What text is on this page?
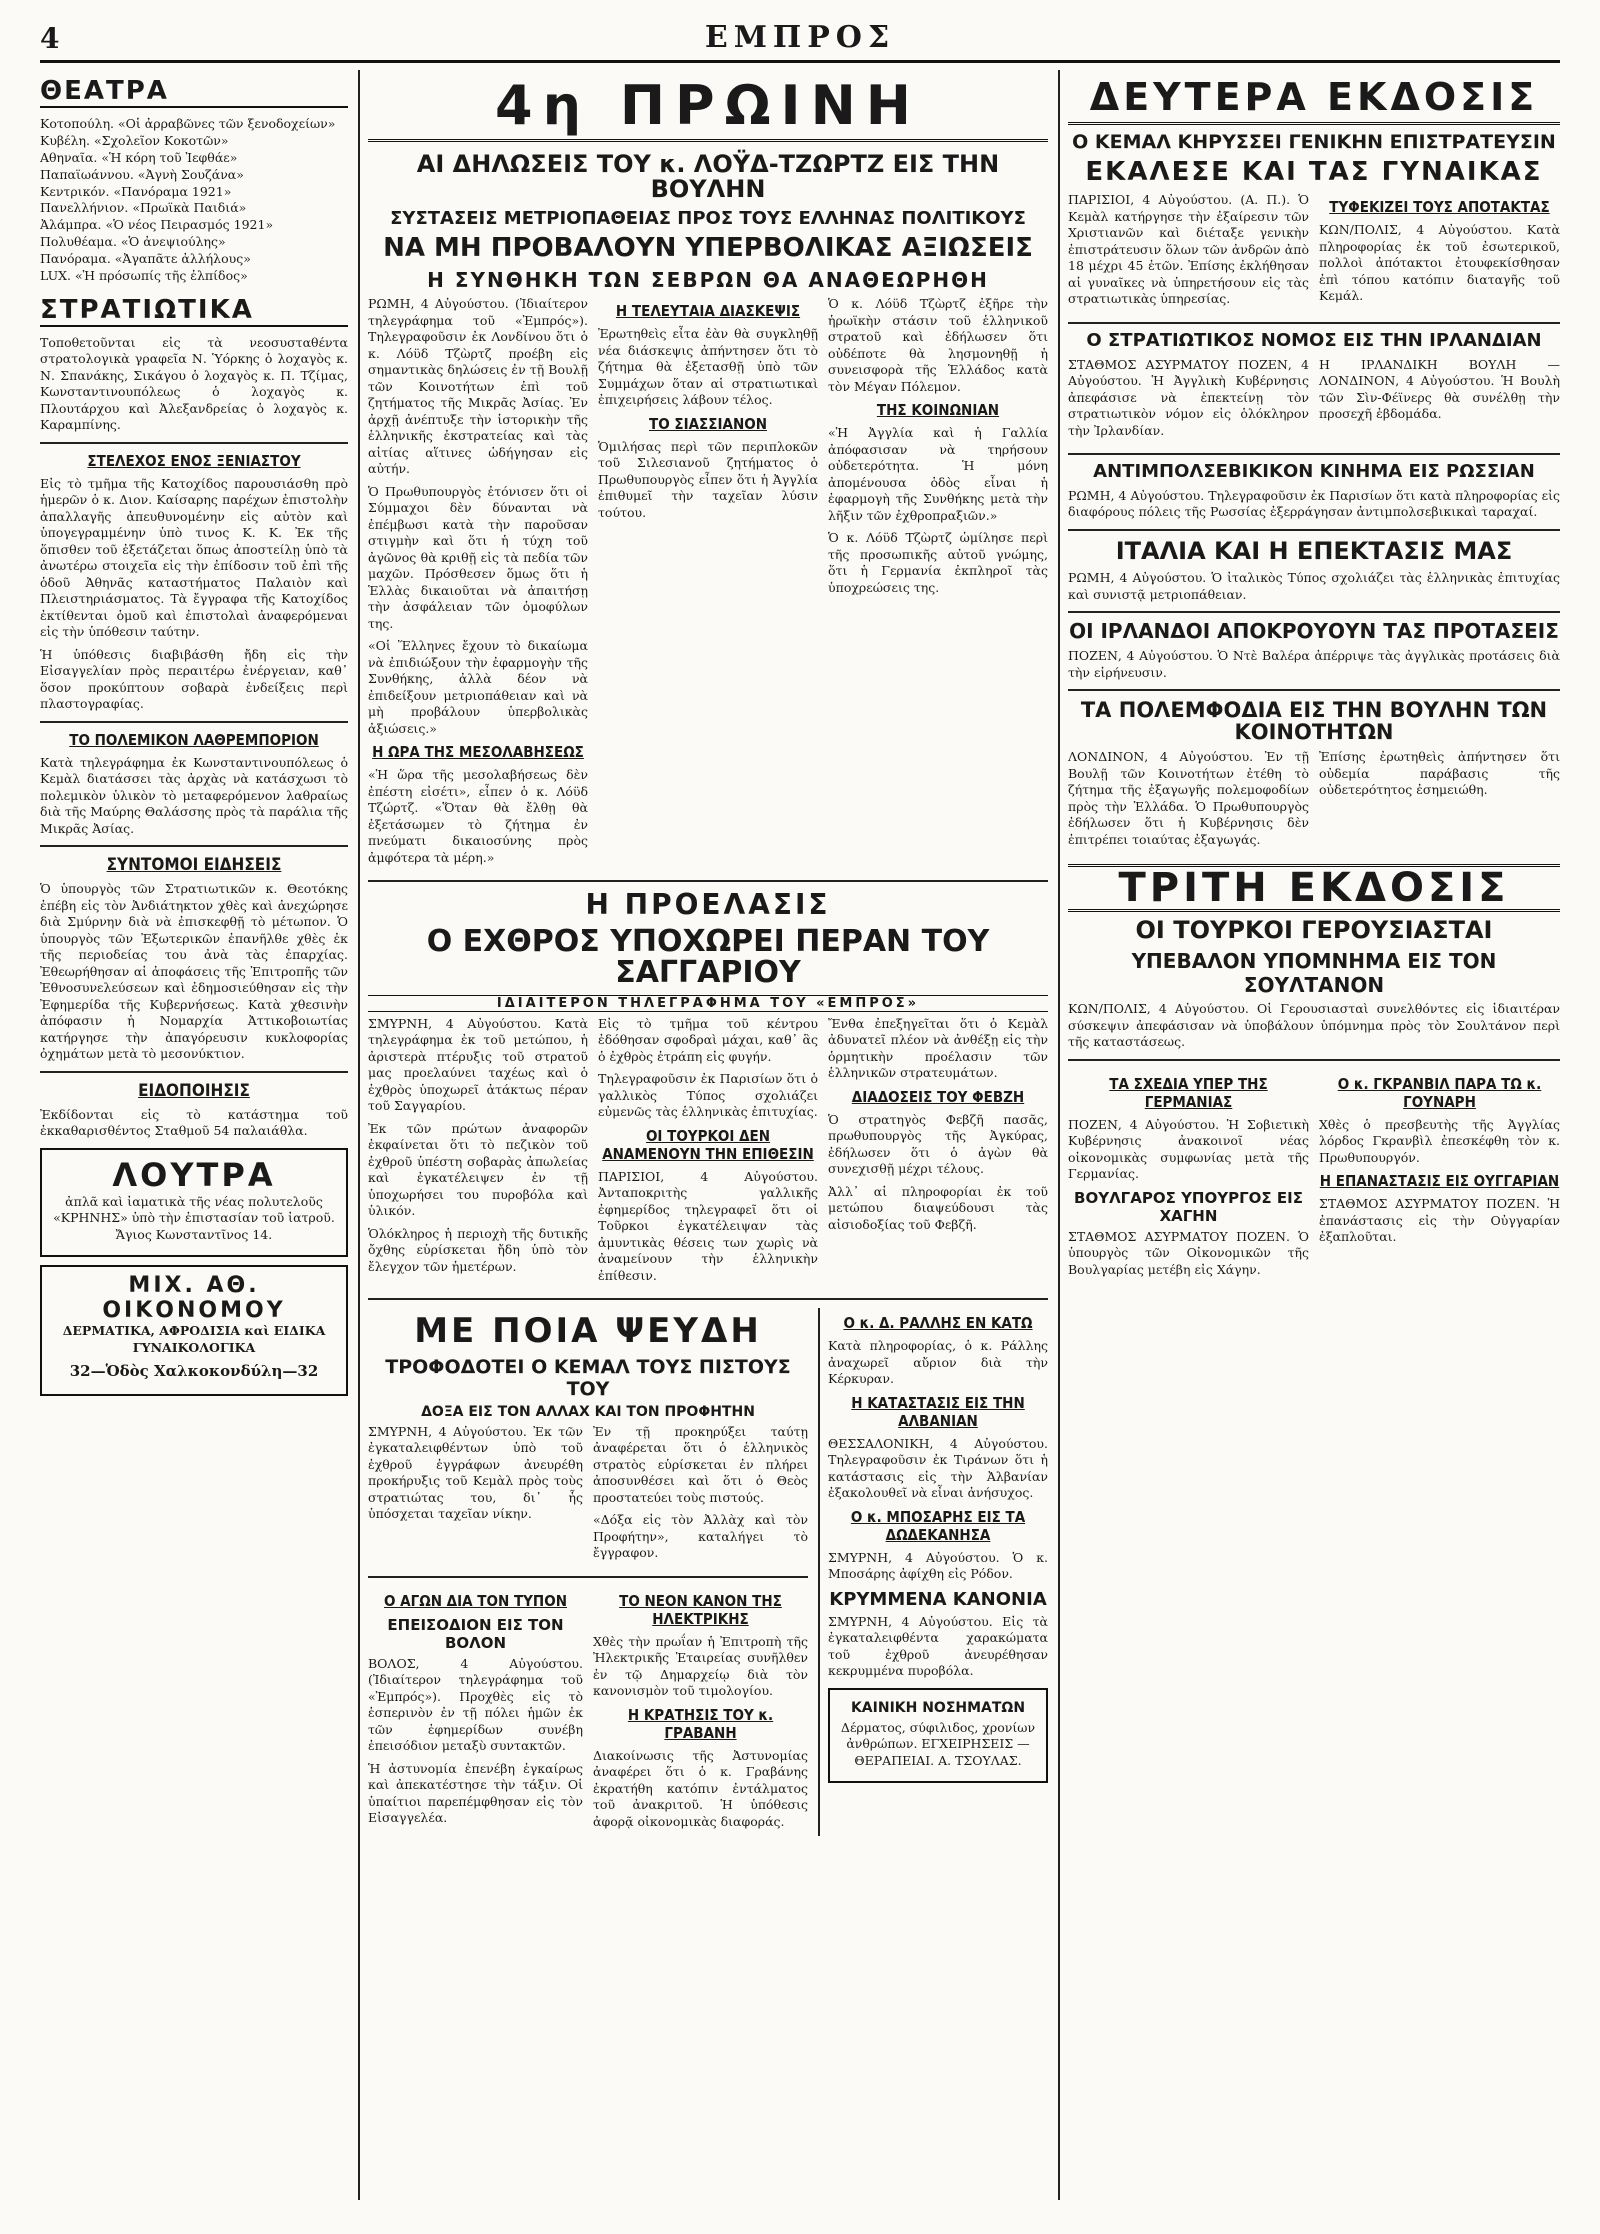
4	ΕΜΠΡΟΣ
ΘΕΑΤΡΑ
Κοτοπούλη. «Οἱ ἀρραβῶνες τῶν ξενοδοχείων»
Κυβέλη. «Σχολεῖον Κοκοτῶν»
Αθηναῖα. «Ἡ κόρη τοῦ Ἰεφθάε»
Παπαϊωάννου. «Ἀγνὴ Σουζάνα»
Κεντρικόν. «Πανόραμα 1921»
Πανελλήνιον. «Πρωϊκὰ Παιδιά»
Ἀλάμπρα. «Ὁ νέος Πειρασμός 1921»
Πολυθέαμα. «Ὁ ἀνεψιούλης»
Πανόραμα. «Ἀγαπᾶτε ἀλλήλους»
LUX. «Ἡ πρόσωπίς τῆς ἐλπίδος»
ΣΤΡΑΤΙΩΤΙΚΑ

Τοποθετοῦνται εἰς τὰ νεοσυσταθέντα στρατολογικὰ γραφεῖα Ν. Ὑόρκης ὁ λοχαγὸς κ. Ν. Σπανάκης, Σικάγου ὁ λοχαγὸς κ. Π. Τζίμας, Κωνσταντινουπόλεως ὁ λοχαγὸς κ. Πλουτάρχου καὶ Ἀλεξανδρείας ὁ λοχαγὸς κ. Καραμπίνης.

ΣΤΕΛΕΧΟΣ ΕΝΟΣ ΞΕΝΙΑΣΤΟΥ

Εἰς τὸ τμῆμα τῆς Κατοχίδος παρουσιάσθη πρὸ ἡμερῶν ὁ κ. Διον. Καίσαρης παρέχων ἐπιστολὴν ἀπαλλαγῆς ἀπευθυνομένην εἰς αὐτὸν καὶ ὑπογεγραμμένην ὑπὸ τινος Κ. Κ. Ἐκ τῆς ὅπισθεν τοῦ ἐξετάζεται ὅπως ἀποστείλῃ ὑπὸ τὰ ἀνωτέρω στοιχεῖα εἰς τὴν ἐπίδοσιν τοῦ ἐπὶ τῆς ὁδοῦ Ἀθηνᾶς καταστήματος Παλαιὸν καὶ Πλειστηριάσματος. Τὰ ἔγγραφα τῆς Κατοχίδος ἐκτίθενται ὁμοῦ καὶ ἐπιστολαὶ ἀναφερόμεναι εἰς τὴν ὑπόθεσιν ταύτην.

Ἡ ὑπόθεσις διαβιβάσθη ἤδη εἰς τὴν Εἰσαγγελίαν πρὸς περαιτέρω ἐνέργειαν, καθ᾽ ὅσον προκύπτουν σοβαρὰ ἐνδείξεις περὶ πλαστογραφίας.

ΤΟ ΠΟΛΕΜΙΚΟΝ ΛΑΘΡΕΜΠΟΡΙΟΝ

Κατὰ τηλεγράφημα ἐκ Κωνσταντινουπόλεως ὁ Κεμὰλ διατάσσει τὰς ἀρχὰς νὰ κατάσχωσι τὸ πολεμικὸν ὑλικὸν τὸ μεταφερόμενον λαθραίως διὰ τῆς Μαύρης Θαλάσσης πρὸς τὰ παράλια τῆς Μικρᾶς Ἀσίας.

ΣΥΝΤΟΜΟΙ ΕΙΔΗΣΕΙΣ

Ὁ ὑπουργὸς τῶν Στρατιωτικῶν κ. Θεοτόκης ἐπέβη εἰς τὸν Ἀνδιάτηκτον χθὲς καὶ ἀνεχώρησε διὰ Σμύρνην διὰ νὰ ἐπισκεφθῇ τὸ μέτωπον. Ὁ ὑπουργὸς τῶν Ἐξωτερικῶν ἐπανῆλθε χθὲς ἐκ τῆς περιοδείας του ἀνὰ τὰς ἐπαρχίας. Ἐθεωρήθησαν αἱ ἀποφάσεις τῆς Ἐπιτροπῆς τῶν Ἐθνοσυνελεύσεων καὶ ἐδημοσιεύθησαν εἰς τὴν Ἐφημερίδα τῆς Κυβερνήσεως. Κατὰ χθεσινὴν ἀπόφασιν ἡ Νομαρχία Ἀττικοβοιωτίας κατήργησε τὴν ἀπαγόρευσιν κυκλοφορίας ὀχημάτων μετὰ τὸ μεσονύκτιον.

ΕΙΔΟΠΟΙΗΣΙΣ

Ἐκδίδονται εἰς τὸ κατάστημα τοῦ ἐκκαθαρισθέντος Σταθμοῦ 54 παλαιάθλα.

ΛΟΥΤΡΑ
ἀπλᾶ καὶ ἰαματικὰ τῆς νέας πολυτελοῦς «ΚΡΗΝΗΣ» ὑπὸ τὴν ἐπιστασίαν τοῦ ἰατροῦ. Ἄγιος Κωνσταντῖνος 14.
ΜΙΧ. ΑΘ. ΟΙΚΟΝΟΜΟΥ
ΔΕΡΜΑΤΙΚΑ, ΑΦΡΟΔΙΣΙΑ καὶ ΕΙΔΙΚΑ ΓΥΝΑΙΚΟΛΟΓΙΚΑ
32—Ὁδὸς Χαλκοκονδύλη—32
4η ΠΡΩΙΝΗ
ΑΙ ΔΗΛΩΣΕΙΣ ΤΟΥ κ. ΛΟΫΔ-ΤΖΩΡΤΖ ΕΙΣ ΤΗΝ ΒΟΥΛΗΝ
ΣΥΣΤΑΣΕΙΣ ΜΕΤΡΙΟΠΑΘΕΙΑΣ ΠΡΟΣ ΤΟΥΣ ΕΛΛΗΝΑΣ ΠΟΛΙΤΙΚΟΥΣ
ΝΑ ΜΗ ΠΡΟΒΑΛΟΥΝ ΥΠΕΡΒΟΛΙΚΑΣ ΑΞΙΩΣΕΙΣ
Η ΣΥΝΘΗΚΗ ΤΩΝ ΣΕΒΡΩΝ ΘΑ ΑΝΑΘΕΩΡΗΘΗ

ΡΩΜΗ, 4 Αὐγούστου. (Ἰδιαίτερον τηλεγράφημα τοῦ «Ἐμπρός»). Τηλεγραφοῦσιν ἐκ Λονδίνου ὅτι ὁ κ. Λόϋδ Τζὼρτζ προέβη εἰς σημαντικὰς δηλώσεις ἐν τῇ Βουλῇ τῶν Κοινοτήτων ἐπὶ τοῦ ζητήματος τῆς Μικρᾶς Ἀσίας. Ἐν ἀρχῇ ἀνέπτυξε τὴν ἱστορικὴν τῆς ἑλληνικῆς ἐκστρατείας καὶ τὰς αἰτίας αἵτινες ὡδήγησαν εἰς αὐτήν.

Ὁ Πρωθυπουργὸς ἐτόνισεν ὅτι οἱ Σύμμαχοι δὲν δύνανται νὰ ἐπέμβωσι κατὰ τὴν παροῦσαν στιγμὴν καὶ ὅτι ἡ τύχη τοῦ ἀγῶνος θὰ κριθῇ εἰς τὰ πεδία τῶν μαχῶν. Πρόσθεσεν ὅμως ὅτι ἡ Ἑλλὰς δικαιοῦται νὰ ἀπαιτήσῃ τὴν ἀσφάλειαν τῶν ὁμοφύλων της.

«Οἱ Ἕλληνες ἔχουν τὸ δικαίωμα νὰ ἐπιδιώξουν τὴν ἐφαρμογὴν τῆς Συνθήκης, ἀλλὰ δέον νὰ ἐπιδείξουν μετριοπάθειαν καὶ νὰ μὴ προβάλουν ὑπερβολικὰς ἀξιώσεις.»

Η ΩΡΑ ΤΗΣ ΜΕΣΟΛΑΒΗΣΕΩΣ

«Ἡ ὥρα τῆς μεσολαβήσεως δὲν ἐπέστη εἰσέτι», εἶπεν ὁ κ. Λόϋδ Τζώρτζ. «Ὅταν θὰ ἔλθῃ θὰ ἐξετάσωμεν τὸ ζήτημα ἐν πνεύματι δικαιοσύνης πρὸς ἀμφότερα τὰ μέρη.»

Η ΤΕΛΕΥΤΑΙΑ ΔΙΑΣΚΕΨΙΣ

Ἐρωτηθεὶς εἶτα ἐὰν θὰ συγκληθῇ νέα διάσκεψις ἀπήντησεν ὅτι τὸ ζήτημα θὰ ἐξετασθῇ ὑπὸ τῶν Συμμάχων ὅταν αἱ στρατιωτικαὶ ἐπιχειρήσεις λάβουν τέλος.

ΤΟ ΣΙΑΣΣΙΑΝΟΝ

Ὁμιλήσας περὶ τῶν περιπλοκῶν τοῦ Σιλεσιανοῦ ζητήματος ὁ Πρωθυπουργὸς εἶπεν ὅτι ἡ Ἀγγλία ἐπιθυμεῖ τὴν ταχεῖαν λύσιν τούτου.

Ὁ κ. Λόϋδ Τζὼρτζ ἐξῆρε τὴν ἡρωϊκὴν στάσιν τοῦ ἑλληνικοῦ στρατοῦ καὶ ἐδήλωσεν ὅτι οὐδέποτε θὰ λησμονηθῇ ἡ συνεισφορὰ τῆς Ἑλλάδος κατὰ τὸν Μέγαν Πόλεμον.

ΤΗΣ ΚΟΙΝΩΝΙΑΝ

«Ἡ Ἀγγλία καὶ ἡ Γαλλία ἀπόφασισαν νὰ τηρήσουν οὐδετερότητα. Ἡ μόνη ἀπομένουσα ὁδὸς εἶναι ἡ ἐφαρμογὴ τῆς Συνθήκης μετὰ τὴν λῆξιν τῶν ἐχθροπραξιῶν.»

Ὁ κ. Λόϋδ Τζὼρτζ ὡμίλησε περὶ τῆς προσωπικῆς αὐτοῦ γνώμης, ὅτι ἡ Γερμανία ἐκπληροῖ τὰς ὑποχρεώσεις της.

Η ΠΡΟΕΛΑΣΙΣ
Ο ΕΧΘΡΟΣ ΥΠΟΧΩΡΕΙ ΠΕΡΑΝ ΤΟΥ ΣΑΓΓΑΡΙΟΥ
ΙΔΙΑΙΤΕΡΟΝ ΤΗΛΕΓΡΑΦΗΜΑ ΤΟΥ «ΕΜΠΡΟΣ»

ΣΜΥΡΝΗ, 4 Αὐγούστου. Κατὰ τηλεγράφημα ἐκ τοῦ μετώπου, ἡ ἀριστερὰ πτέρυξις τοῦ στρατοῦ μας προελαύνει ταχέως καὶ ὁ ἐχθρὸς ὑποχωρεῖ ἀτάκτως πέραν τοῦ Σαγγαρίου.

Ἐκ τῶν πρώτων ἀναφορῶν ἐκφαίνεται ὅτι τὸ πεζικὸν τοῦ ἐχθροῦ ὑπέστη σοβαρὰς ἀπωλείας καὶ ἐγκατέλειψεν ἐν τῇ ὑποχωρήσει του πυροβόλα καὶ ὑλικόν.

Ὁλόκληρος ἡ περιοχὴ τῆς δυτικῆς ὄχθης εὑρίσκεται ἤδη ὑπὸ τὸν ἔλεγχον τῶν ἡμετέρων.

Εἰς τὸ τμῆμα τοῦ κέντρου ἐδόθησαν σφοδραὶ μάχαι, καθ᾽ ἃς ὁ ἐχθρὸς ἐτράπη εἰς φυγήν.

Τηλεγραφοῦσιν ἐκ Παρισίων ὅτι ὁ γαλλικὸς Τύπος σχολιάζει εὐμενῶς τὰς ἑλληνικὰς ἐπιτυχίας.

ΟΙ ΤΟΥΡΚΟΙ ΔΕΝ ΑΝΑΜΕΝΟΥΝ ΤΗΝ ΕΠΙΘΕΣΙΝ

ΠΑΡΙΣΙΟΙ, 4 Αὐγούστου. Ἀνταποκριτὴς γαλλικῆς ἐφημερίδος τηλεγραφεῖ ὅτι οἱ Τοῦρκοι ἐγκατέλειψαν τὰς ἀμυντικὰς θέσεις των χωρὶς νὰ ἀναμείνουν τὴν ἑλληνικὴν ἐπίθεσιν.

Ἔνθα ἐπεξηγεῖται ὅτι ὁ Κεμὰλ ἀδυνατεῖ πλέον νὰ ἀνθέξῃ εἰς τὴν ὁρμητικὴν προέλασιν τῶν ἑλληνικῶν στρατευμάτων.

ΔΙΑΔΟΣΕΙΣ ΤΟΥ ΦΕΒΖΗ

Ὁ στρατηγὸς Φεβζῆ πασᾶς, πρωθυπουργὸς τῆς Ἀγκύρας, ἐδήλωσεν ὅτι ὁ ἀγὼν θὰ συνεχισθῇ μέχρι τέλους.

Ἀλλ᾽ αἱ πληροφορίαι ἐκ τοῦ μετώπου διαψεύδουσι τὰς αἰσιοδοξίας τοῦ Φεβζῆ.

ΜΕ ΠΟΙΑ ΨΕΥΔΗ
ΤΡΟΦΟΔΟΤΕΙ Ο ΚΕΜΑΛ ΤΟΥΣ ΠΙΣΤΟΥΣ ΤΟΥ
ΔΟΞΑ ΕΙΣ ΤΟΝ ΑΛΛΑΧ ΚΑΙ ΤΟΝ ΠΡΟΦΗΤΗΝ

ΣΜΥΡΝΗ, 4 Αὐγούστου. Ἐκ τῶν ἐγκαταλειφθέντων ὑπὸ τοῦ ἐχθροῦ ἐγγράφων ἀνευρέθη προκήρυξις τοῦ Κεμὰλ πρὸς τοὺς στρατιώτας του, δι᾽ ἧς ὑπόσχεται ταχεῖαν νίκην.

Ἐν τῇ προκηρύξει ταύτῃ ἀναφέρεται ὅτι ὁ ἑλληνικὸς στρατὸς εὑρίσκεται ἐν πλήρει ἀποσυνθέσει καὶ ὅτι ὁ Θεὸς προστατεύει τοὺς πιστούς.

«Δόξα εἰς τὸν Ἀλλὰχ καὶ τὸν Προφήτην», καταλήγει τὸ ἔγγραφον.

Ο ΑΓΩΝ ΔΙΑ ΤΟΝ ΤΥΠΟΝ
ΕΠΕΙΣΟΔΙΟΝ ΕΙΣ ΤΟΝ ΒΟΛΟΝ

ΒΟΛΟΣ, 4 Αὐγούστου. (Ἰδιαίτερον τηλεγράφημα τοῦ «Ἐμπρός»). Προχθὲς εἰς τὸ ἑσπερινὸν ἐν τῇ πόλει ἡμῶν ἐκ τῶν ἐφημερίδων συνέβη ἐπεισόδιον μεταξὺ συντακτῶν.

Ἡ ἀστυνομία ἐπενέβη ἐγκαίρως καὶ ἀπεκατέστησε τὴν τάξιν. Οἱ ὑπαίτιοι παρεπέμφθησαν εἰς τὸν Εἰσαγγελέα.

ΤΟ ΝΕΟΝ ΚΑΝΟΝ ΤΗΣ ΗΛΕΚΤΡΙΚΗΣ

Χθὲς τὴν πρωΐαν ἡ Ἐπιτροπὴ τῆς Ἠλεκτρικῆς Ἑταιρείας συνῆλθεν ἐν τῷ Δημαρχείῳ διὰ τὸν κανονισμὸν τοῦ τιμολογίου.

Η ΚΡΑΤΗΣΙΣ ΤΟΥ κ. ΓΡΑΒΑΝΗ

Διακοίνωσις τῆς Ἀστυνομίας ἀναφέρει ὅτι ὁ κ. Γραβάνης ἐκρατήθη κατόπιν ἐντάλματος τοῦ ἀνακριτοῦ. Ἡ ὑπόθεσις ἀφορᾷ οἰκονομικὰς διαφοράς.

Ο κ. Δ. ΡΑΛΛΗΣ ΕΝ ΚΑΤΩ

Κατὰ πληροφορίας, ὁ κ. Ράλλης ἀναχωρεῖ αὔριον διὰ τὴν Κέρκυραν.

Η ΚΑΤΑΣΤΑΣΙΣ ΕΙΣ ΤΗΝ ΑΛΒΑΝΙΑΝ

ΘΕΣΣΑΛΟΝΙΚΗ, 4 Αὐγούστου. Τηλεγραφοῦσιν ἐκ Τιράνων ὅτι ἡ κατάστασις εἰς τὴν Ἀλβανίαν ἐξακολουθεῖ νὰ εἶναι ἀνήσυχος.

Ο κ. ΜΠΟΣΑΡΗΣ ΕΙΣ ΤΑ ΔΩΔΕΚΑΝΗΣΑ

ΣΜΥΡΝΗ, 4 Αὐγούστου. Ὁ κ. Μποσάρης ἀφίχθη εἰς Ρόδον.

ΚΡΥΜΜΕΝΑ ΚΑΝΟΝΙΑ

ΣΜΥΡΝΗ, 4 Αὐγούστου. Εἰς τὰ ἐγκαταλειφθέντα χαρακώματα τοῦ ἐχθροῦ ἀνευρέθησαν κεκρυμμένα πυροβόλα.

ΚΑΙΝΙΚΗ ΝΟΣΗΜΑΤΩΝ
Δέρματος, σύφιλιδος, χρονίων ἀνθρώπων. ΕΓΧΕΙΡΗΣΕΙΣ — ΘΕΡΑΠΕΙΑΙ. Α. ΤΣΟΥΛΑΣ.
ΔΕΥΤΕΡΑ ΕΚΔΟΣΙΣ
Ο ΚΕΜΑΛ ΚΗΡΥΣΣΕΙ ΓΕΝΙΚΗΝ ΕΠΙΣΤΡΑΤΕΥΣΙΝ
ΕΚΑΛΕΣΕ ΚΑΙ ΤΑΣ ΓΥΝΑΙΚΑΣ

ΠΑΡΙΣΙΟΙ, 4 Αὐγούστου. (Α. Π.). Ὁ Κεμὰλ κατήργησε τὴν ἐξαίρεσιν τῶν Χριστιανῶν καὶ διέταξε γενικὴν ἐπιστράτευσιν ὅλων τῶν ἀνδρῶν ἀπὸ 18 μέχρι 45 ἐτῶν. Ἐπίσης ἐκλήθησαν αἱ γυναῖκες νὰ ὑπηρετήσουν εἰς τὰς στρατιωτικὰς ὑπηρεσίας.

ΤΥΦΕΚΙΖΕΙ ΤΟΥΣ ΑΠΟΤΑΚΤΑΣ

ΚΩΝ/ΠΟΛΙΣ, 4 Αὐγούστου. Κατὰ πληροφορίας ἐκ τοῦ ἐσωτερικοῦ, πολλοὶ ἀπότακτοι ἐτουφεκίσθησαν ἐπὶ τόπου κατόπιν διαταγῆς τοῦ Κεμάλ.

Ο ΣΤΡΑΤΙΩΤΙΚΟΣ ΝΟΜΟΣ ΕΙΣ ΤΗΝ ΙΡΛΑΝΔΙΑΝ

ΣΤΑΘΜΟΣ ΑΣΥΡΜΑΤΟΥ ΠΟΖΕΝ, 4 Αὐγούστου. Ἡ Ἀγγλικὴ Κυβέρνησις ἀπεφάσισε νὰ ἐπεκτείνῃ τὸν στρατιωτικὸν νόμον εἰς ὁλόκληρον τὴν Ἰρλανδίαν.

Η ΙΡΛΑΝΔΙΚΗ ΒΟΥΛΗ — ΛΟΝΔΙΝΟΝ, 4 Αὐγούστου. Ἡ Βουλὴ τῶν Σὶν-Φέϊνερς θὰ συνέλθῃ τὴν προσεχῆ ἑβδομάδα.

ΑΝΤΙΜΠΟΛΣΕΒΙΚΙΚΟΝ ΚΙΝΗΜΑ ΕΙΣ ΡΩΣΣΙΑΝ

ΡΩΜΗ, 4 Αὐγούστου. Τηλεγραφοῦσιν ἐκ Παρισίων ὅτι κατὰ πληροφορίας εἰς διαφόρους πόλεις τῆς Ρωσσίας ἐξερράγησαν ἀντιμπολσεβικικαὶ ταραχαί.

ΙΤΑΛΙΑ ΚΑΙ Η ΕΠΕΚΤΑΣΙΣ ΜΑΣ

ΡΩΜΗ, 4 Αὐγούστου. Ὁ ἰταλικὸς Τύπος σχολιάζει τὰς ἑλληνικὰς ἐπιτυχίας καὶ συνιστᾷ μετριοπάθειαν.

ΟΙ ΙΡΛΑΝΔΟΙ ΑΠΟΚΡΟΥΟΥΝ ΤΑΣ ΠΡΟΤΑΣΕΙΣ

ΠΟΖΕΝ, 4 Αὐγούστου. Ὁ Ντὲ Βαλέρα ἀπέρριψε τὰς ἀγγλικὰς προτάσεις διὰ τὴν εἰρήνευσιν.

ΤΑ ΠΟΛΕΜΦΟΔΙΑ ΕΙΣ ΤΗΝ ΒΟΥΛΗΝ ΤΩΝ ΚΟΙΝΟΤΗΤΩΝ

ΛΟΝΔΙΝΟΝ, 4 Αὐγούστου. Ἐν τῇ Βουλῇ τῶν Κοινοτήτων ἐτέθη τὸ ζήτημα τῆς ἐξαγωγῆς πολεμοφοδίων πρὸς τὴν Ἑλλάδα. Ὁ Πρωθυπουργὸς ἐδήλωσεν ὅτι ἡ Κυβέρνησις δὲν ἐπιτρέπει τοιαύτας ἐξαγωγάς.

Ἐπίσης ἐρωτηθεὶς ἀπήντησεν ὅτι οὐδεμία παράβασις τῆς οὐδετερότητος ἐσημειώθη.

ΤΡΙΤΗ ΕΚΔΟΣΙΣ
ΟΙ ΤΟΥΡΚΟΙ ΓΕΡΟΥΣΙΑΣΤΑΙ
ΥΠΕΒΑΛΟΝ ΥΠΟΜΝΗΜΑ ΕΙΣ ΤΟΝ ΣΟΥΛΤΑΝΟΝ

ΚΩΝ/ΠΟΛΙΣ, 4 Αὐγούστου. Οἱ Γερουσιασταὶ συνελθόντες εἰς ἰδιαιτέραν σύσκεψιν ἀπεφάσισαν νὰ ὑποβάλουν ὑπόμνημα πρὸς τὸν Σουλτάνον περὶ τῆς καταστάσεως.

ΤΑ ΣΧΕΔΙΑ ΥΠΕΡ ΤΗΣ ΓΕΡΜΑΝΙΑΣ

ΠΟΖΕΝ, 4 Αὐγούστου. Ἡ Σοβιετικὴ Κυβέρνησις ἀνακοινοῖ νέας οἰκονομικὰς συμφωνίας μετὰ τῆς Γερμανίας.

ΒΟΥΛΓΑΡΟΣ ΥΠΟΥΡΓΟΣ ΕΙΣ ΧΑΓΗΝ

ΣΤΑΘΜΟΣ ΑΣΥΡΜΑΤΟΥ ΠΟΖΕΝ. Ὁ ὑπουργὸς τῶν Οἰκονομικῶν τῆς Βουλγαρίας μετέβη εἰς Χάγην.

Ο κ. ΓΚΡΑΝΒΙΛ ΠΑΡΑ ΤΩ κ. ΓΟΥΝΑΡΗ

Χθὲς ὁ πρεσβευτὴς τῆς Ἀγγλίας λόρδος Γκρανβὶλ ἐπεσκέφθη τὸν κ. Πρωθυπουργόν.

Η ΕΠΑΝΑΣΤΑΣΙΣ ΕΙΣ ΟΥΓΓΑΡΙΑΝ

ΣΤΑΘΜΟΣ ΑΣΥΡΜΑΤΟΥ ΠΟΖΕΝ. Ἡ ἐπανάστασις εἰς τὴν Οὐγγαρίαν ἐξαπλοῦται.
